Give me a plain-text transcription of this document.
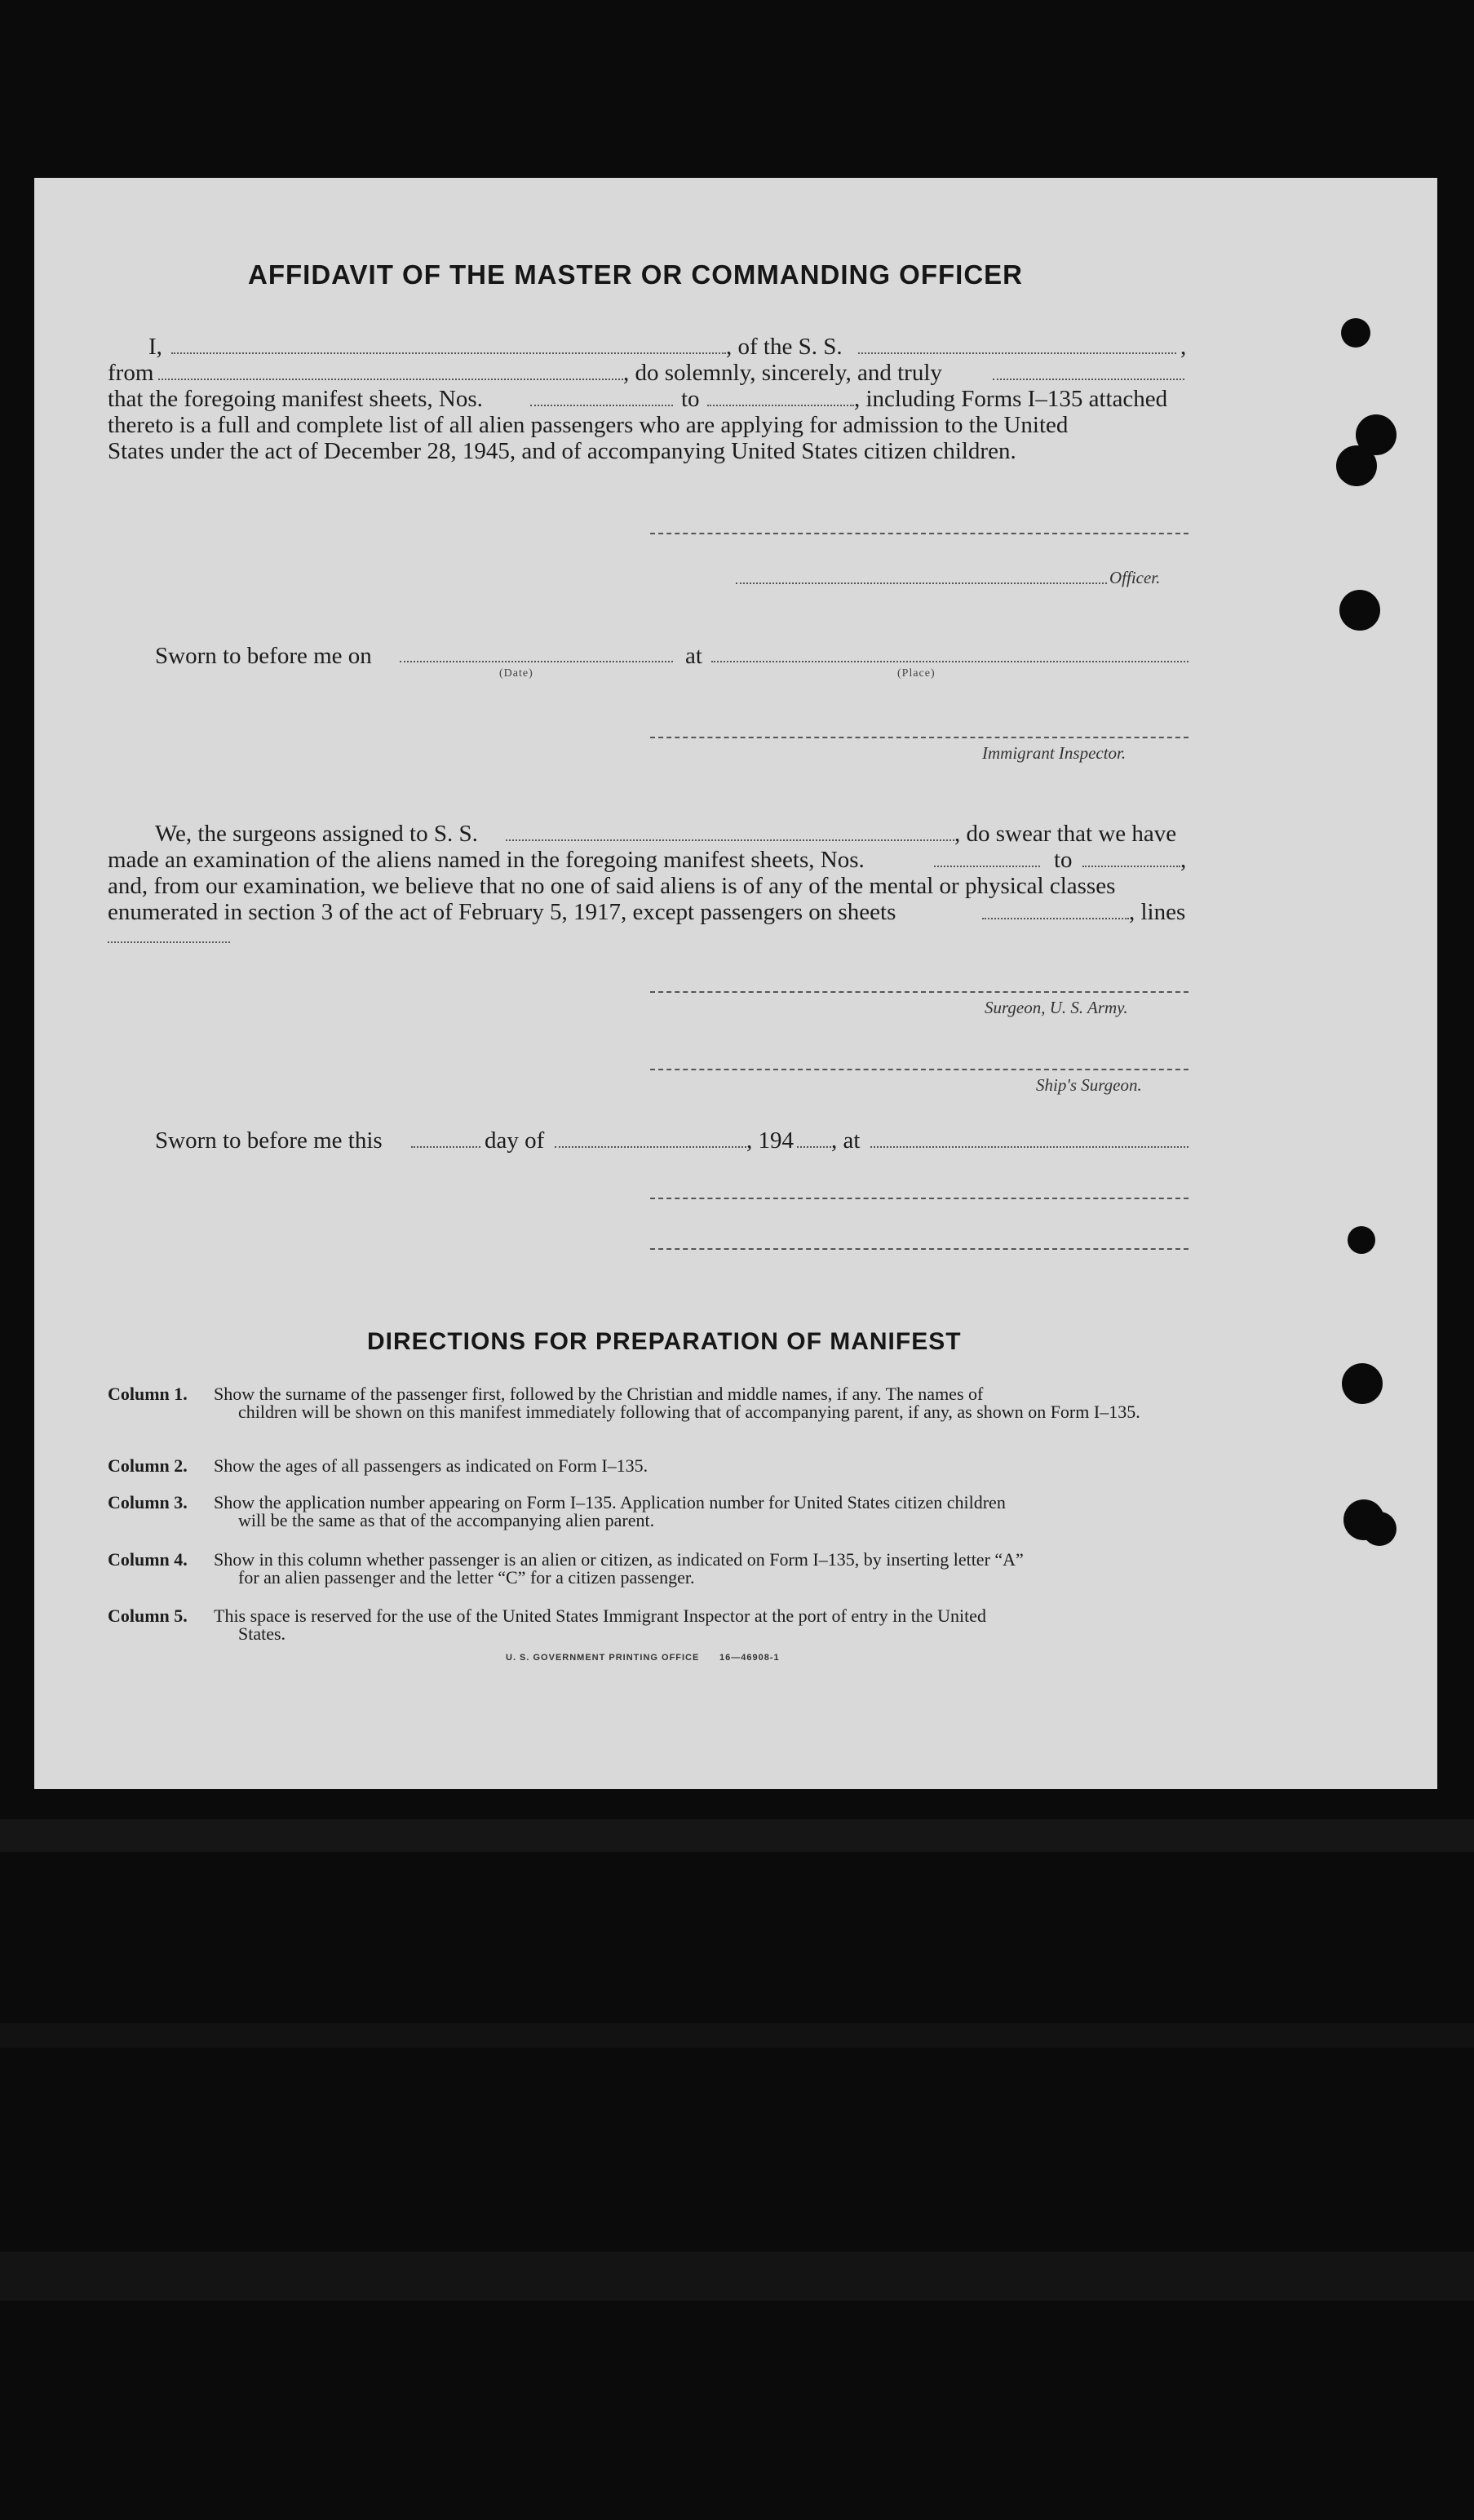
AFFIDAVIT OF THE MASTER OR COMMANDING OFFICER
I,	, of the S. S.	,
from	, do solemnly, sincerely, and truly
that the foregoing manifest sheets, Nos.	to	, including Forms I–135 attached
thereto is a full and complete list of all alien passengers who are applying for admission to the United
States under the act of December 28, 1945, and of accompanying United States citizen children.
Officer.
Sworn to before me on	at
(Date)	(Place)
Immigrant Inspector.
We, the surgeons assigned to S. S.	, do swear that we have
made an examination of the aliens named in the foregoing manifest sheets, Nos.	to	,
and, from our examination, we believe that no one of said aliens is of any of the mental or physical classes
enumerated in section 3 of the act of February 5, 1917, except passengers on sheets	, lines
Surgeon, U. S. Army.
Ship's Surgeon.
Sworn to before me this	day of	, 194 , at
DIRECTIONS FOR PREPARATION OF MANIFEST
Column 1.	Show the surname of the passenger first, followed by the Christian and middle names, if any. The names of
children will be shown on this manifest immediately following that of accompanying parent, if any, as shown on Form I–135.
Column 2.	Show the ages of all passengers as indicated on Form I–135.
Column 3.	Show the application number appearing on Form I–135. Application number for United States citizen children
will be the same as that of the accompanying alien parent.
Column 4.	Show in this column whether passenger is an alien or citizen, as indicated on Form I–135, by inserting letter “A”
for an alien passenger and the letter “C” for a citizen passenger.
Column 5.	This space is reserved for the use of the United States Immigrant Inspector at the port of entry in the United
States.
U. S. GOVERNMENT PRINTING OFFICE 16—46908-1
